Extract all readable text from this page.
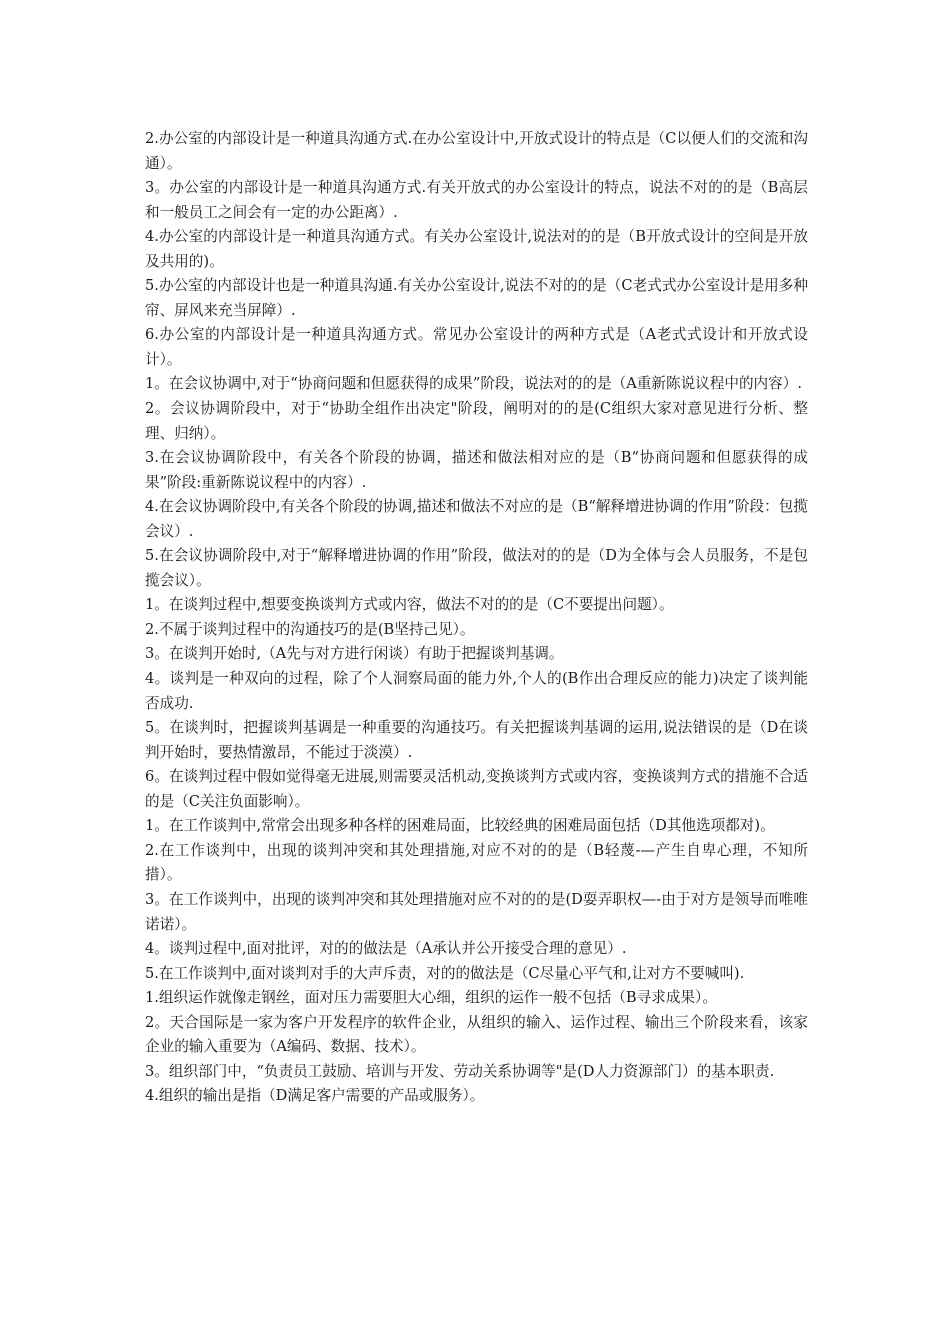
2.办公室的内部设计是一种道具沟通方式.在办公室设计中,开放式设计的特点是（C以便人们的交流和沟通）。

3。办公室的内部设计是一种道具沟通方式.有关开放式的办公室设计的特点，说法不对的的是（B高层和一般员工之间会有一定的办公距离）.

4.办公室的内部设计是一种道具沟通方式。有关办公室设计,说法对的的是（B开放式设计的空间是开放及共用的)。

5.办公室的内部设计也是一种道具沟通.有关办公室设计,说法不对的的是（C老式式办公室设计是用多种帘、屏风来充当屏障）.

6.办公室的内部设计是一种道具沟通方式。常见办公室设计的两种方式是（A老式式设计和开放式设计）。

1。在会议协调中,对于“协商问题和但愿获得的成果”阶段，说法对的的是（A重新陈说议程中的内容）.

2。会议协调阶段中，对于“协助全组作出决定"阶段，阐明对的的是(C组织大家对意见进行分析、整理、归纳）。

3.在会议协调阶段中，有关各个阶段的协调，描述和做法相对应的是（B“协商问题和但愿获得的成果”阶段:重新陈说议程中的内容）.

4.在会议协调阶段中,有关各个阶段的协调,描述和做法不对应的是（B“解释增进协调的作用”阶段：包揽会议）.

5.在会议协调阶段中,对于“解释增进协调的作用”阶段，做法对的的是（D为全体与会人员服务，不是包揽会议）。

1。在谈判过程中,想要变换谈判方式或内容，做法不对的的是（C不要提出问题）。

2.不属于谈判过程中的沟通技巧的是(B坚持己见）。

3。在谈判开始时,（A先与对方进行闲谈）有助于把握谈判基调。

4。谈判是一种双向的过程，除了个人洞察局面的能力外,个人的(B作出合理反应的能力)决定了谈判能否成功.

5。在谈判时，把握谈判基调是一种重要的沟通技巧。有关把握谈判基调的运用,说法错误的是（D在谈判开始时，要热情激昂，不能过于淡漠）.

6。在谈判过程中假如觉得毫无进展,则需要灵活机动,变换谈判方式或内容，变换谈判方式的措施不合适的是（C关注负面影响）。

1。在工作谈判中,常常会出现多种各样的困难局面，比较经典的困难局面包括（D其他选项都对)。

2.在工作谈判中，出现的谈判冲突和其处理措施,对应不对的的是（B轻蔑-—产生自卑心理，不知所措）。

3。在工作谈判中，出现的谈判冲突和其处理措施对应不对的的是(D耍弄职权—-由于对方是领导而唯唯诺诺）。

4。谈判过程中,面对批评，对的的做法是（A承认并公开接受合理的意见）.

5.在工作谈判中,面对谈判对手的大声斥责，对的的做法是（C尽量心平气和,让对方不要喊叫).

1.组织运作就像走钢丝，面对压力需要胆大心细，组织的运作一般不包括（B寻求成果）。

2。天合国际是一家为客户开发程序的软件企业，从组织的输入、运作过程、输出三个阶段来看，该家企业的输入重要为（A编码、数据、技术）。

3。组织部门中，“负责员工鼓励、培训与开发、劳动关系协调等"是(D人力资源部门）的基本职责.

4.组织的输出是指（D满足客户需要的产品或服务）。
